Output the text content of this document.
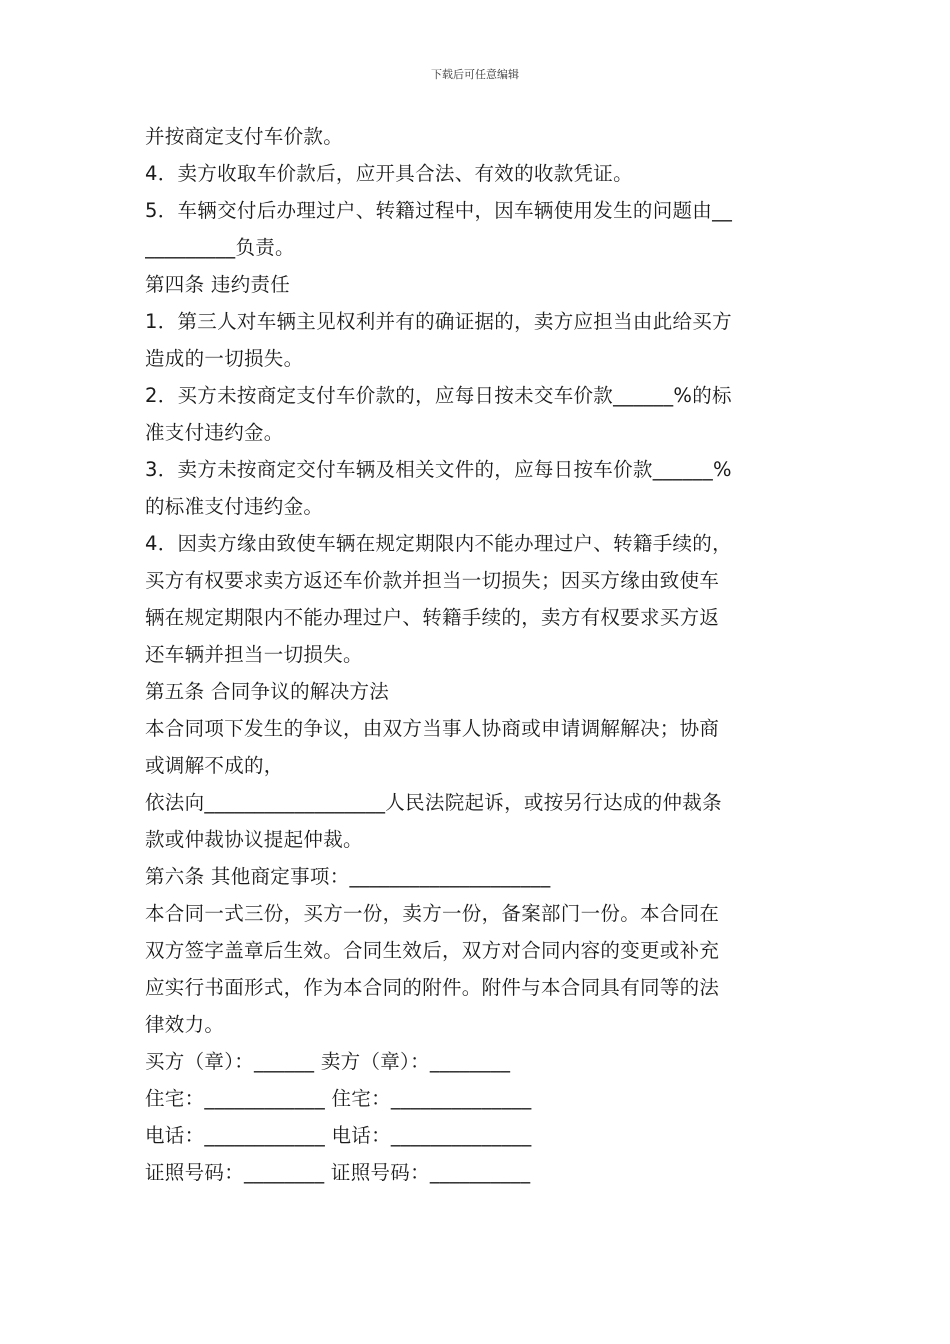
下载后可任意编辑
并按商定支付车价款。
4．卖方收取车价款后，应开具合法、有效的收款凭证。
5．车辆交付后办理过户、转籍过程中，因车辆使用发生的问题由__
_________负责。
第四条 违约责任
1．第三人对车辆主见权利并有的确证据的，卖方应担当由此给买方
造成的一切损失。
2．买方未按商定支付车价款的，应每日按未交车价款______%的标
准支付违约金。
3．卖方未按商定交付车辆及相关文件的，应每日按车价款______%
的标准支付违约金。
4．因卖方缘由致使车辆在规定期限内不能办理过户、转籍手续的，
买方有权要求卖方返还车价款并担当一切损失；因买方缘由致使车
辆在规定期限内不能办理过户、转籍手续的，卖方有权要求买方返
还车辆并担当一切损失。
第五条 合同争议的解决方法
本合同项下发生的争议，由双方当事人协商或申请调解解决；协商
或调解不成的，
依法向__________________人民法院起诉，或按另行达成的仲裁条
款或仲裁协议提起仲裁。
第六条 其他商定事项：____________________
本合同一式三份，买方一份，卖方一份，备案部门一份。本合同在
双方签字盖章后生效。合同生效后，双方对合同内容的变更或补充
应实行书面形式，作为本合同的附件。附件与本合同具有同等的法
律效力。
买方（章）：______ 卖方（章）：________
住宅：____________ 住宅：______________
电话：____________ 电话：______________
证照号码：________ 证照号码：__________
